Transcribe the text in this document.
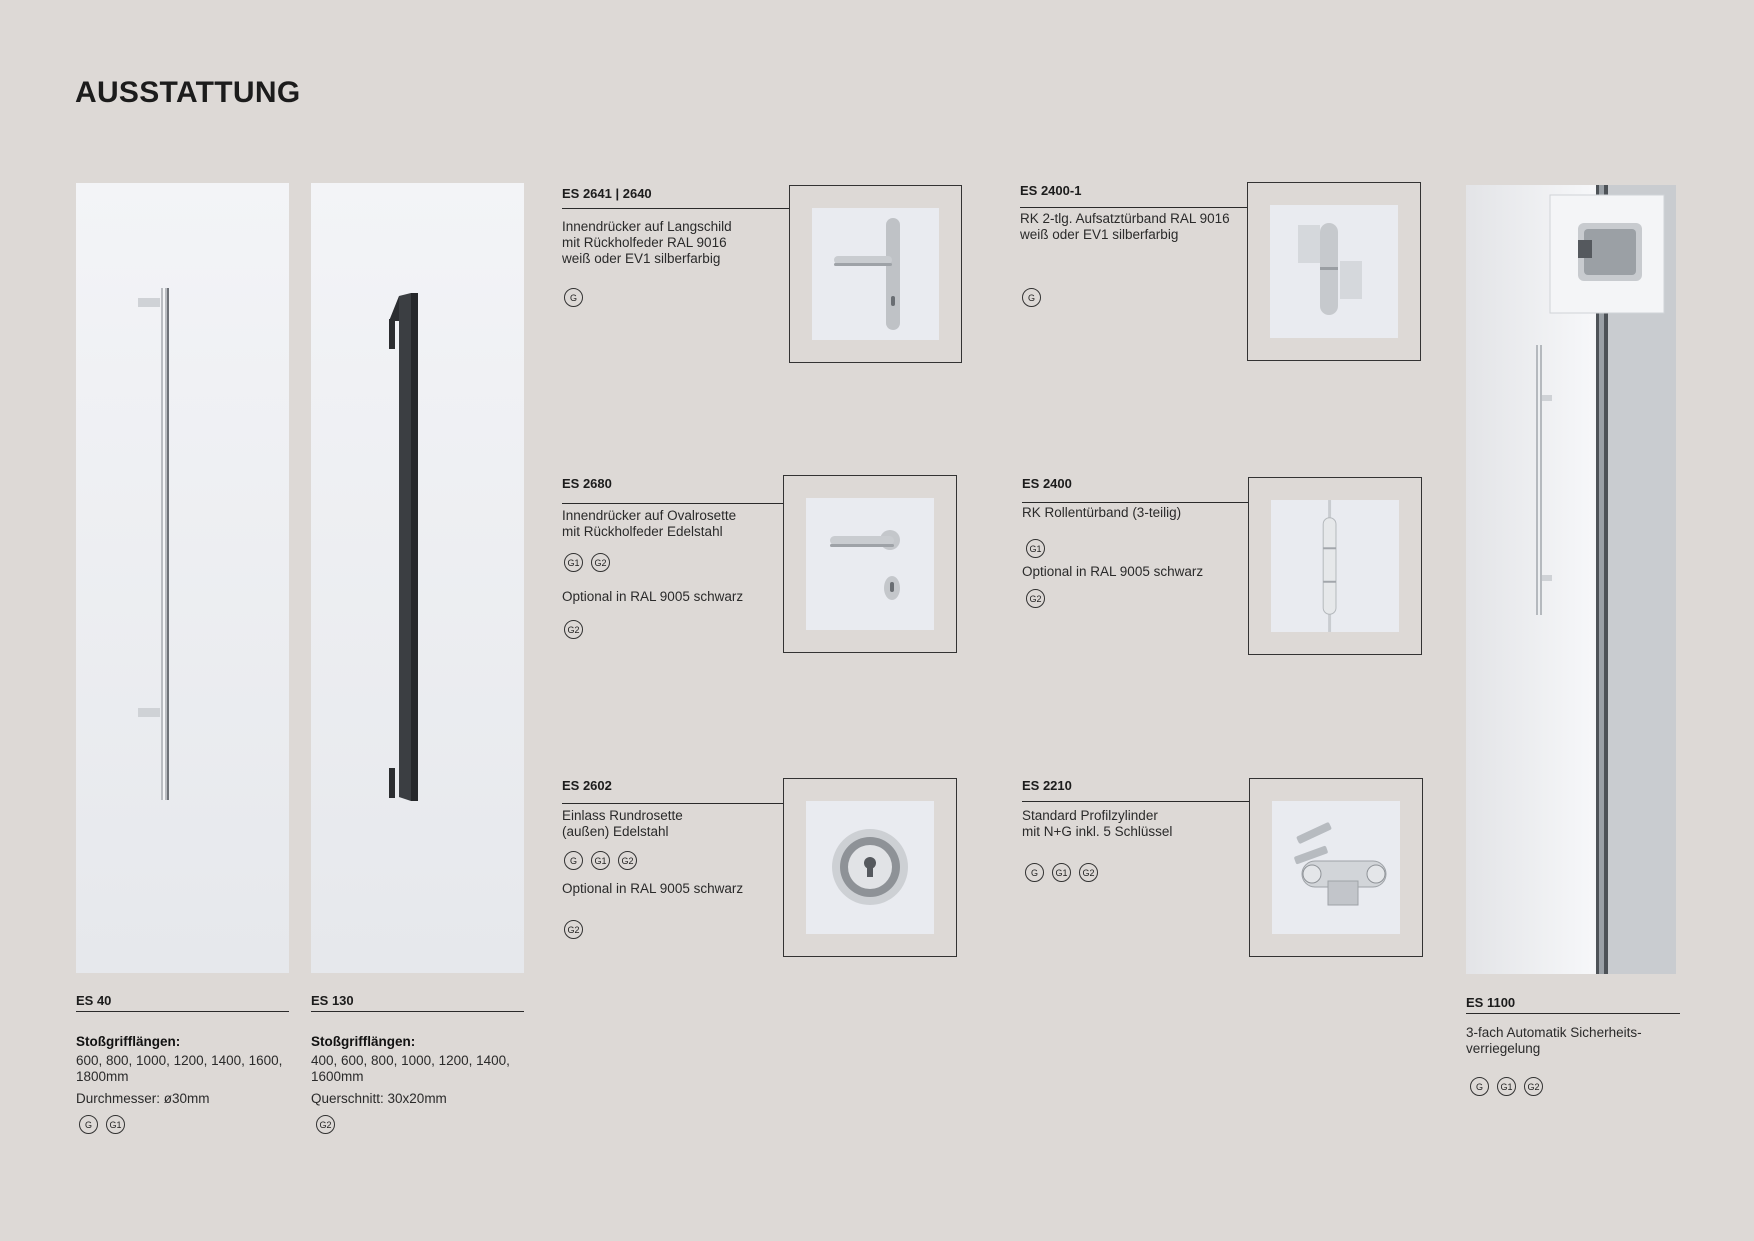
AUSSTATTUNG
ES 40
Stoßgrifflängen:
600, 800, 1000, 1200, 1400, 1600,
1800mm
Durchmesser: ø30mm
G	G1
ES 130
Stoßgrifflängen:
400, 600, 800, 1000, 1200, 1400,
1600mm
Querschnitt: 30x20mm
G2
ES 2641 | 2640
Innendrücker auf Langschild
mit Rückholfeder RAL 9016
weiß oder EV1 silberfarbig
G
ES 2680
Innendrücker auf Ovalrosette
mit Rückholfeder Edelstahl
G1	G2
Optional in RAL 9005 schwarz
G2
ES 2602
Einlass Rundrosette
(außen) Edelstahl
G	G1	G2
Optional in RAL 9005 schwarz
G2
ES 2400-1
RK 2-tlg. Aufsatztürband RAL 9016
weiß oder EV1 silberfarbig
G
ES 2400
RK Rollentürband (3-teilig)
G1
Optional in RAL 9005 schwarz
G2
ES 2210
Standard Profilzylinder
mit N+G inkl. 5 Schlüssel
G	G1	G2
ES 1100
3-fach Automatik Sicherheits-
verriegelung
G	G1	G2
